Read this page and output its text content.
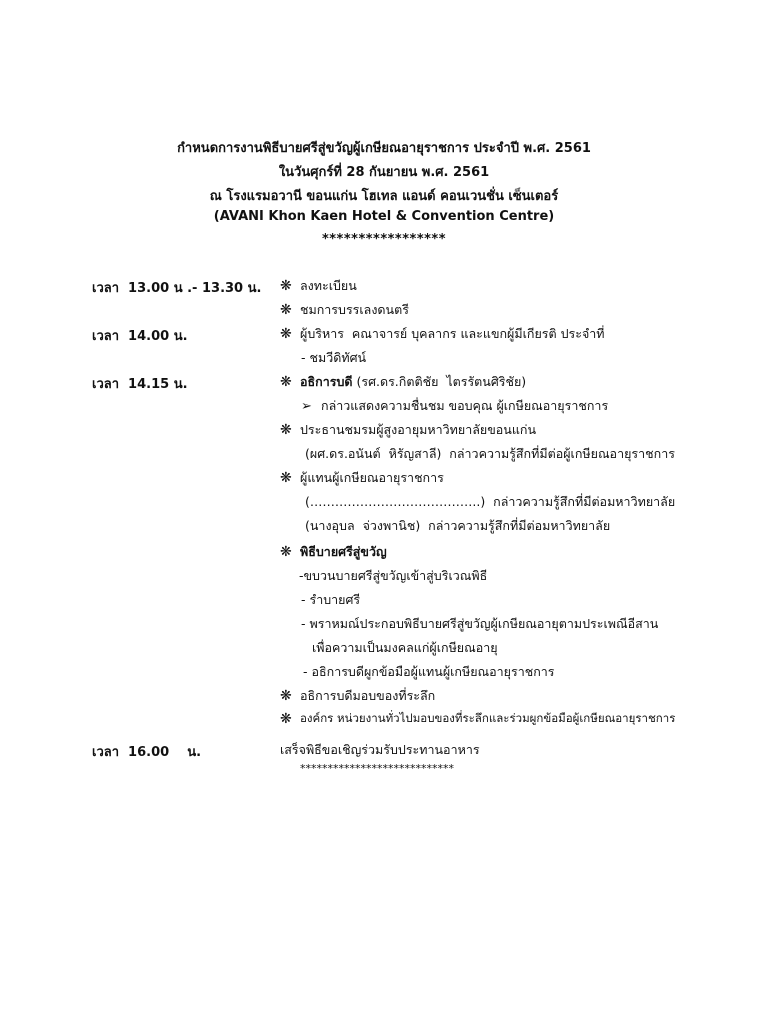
กำหนดการงานพิธีบายศรีสู่ขวัญผู้เกษียณอายุราชการ ประจำปี พ.ศ. 2561
ในวันศุกร์ที่ 28 กันยายน พ.ศ. 2561
ณ โรงแรมอวานี ขอนแก่น โฮเทล แอนด์ คอนเวนชั่น เซ็นเตอร์
(AVANI Khon Kaen Hotel & Convention Centre)
*****************
เวลา  13.00 น .- 13.30 น.
เวลา  14.00 น.
เวลา  14.15 น.
เวลา  16.00    น.
❋ ลงทะเบียน
❋ ชมการบรรเลงดนตรี
❋ ผู้บริหาร  คณาจารย์ บุคลากร และแขกผู้มีเกียรติ ประจำที่
- ชมวีดิทัศน์
❋ อธิการบดี (รศ.ดร.กิตติชัย  ไตรรัตนศิริชัย)
➢ กล่าวแสดงความชื่นชม ขอบคุณ ผู้เกษียณอายุราชการ
❋ ประธานชมรมผู้สูงอายุมหาวิทยาลัยขอนแก่น
(ผศ.ดร.อนันต์  หิรัญสาลี)  กล่าวความรู้สึกที่มีต่อผู้เกษียณอายุราชการ
❋ ผู้แทนผู้เกษียณอายุราชการ
(…………………………………..)  กล่าวความรู้สึกที่มีต่อมหาวิทยาลัย
(นางอุบล  จ่วงพานิช)  กล่าวความรู้สึกที่มีต่อมหาวิทยาลัย
❋ พิธีบายศรีสู่ขวัญ
-ขบวนบายศรีสู่ขวัญเข้าสู่บริเวณพิธี
- รำบายศรี
- พราหมณ์ประกอบพิธีบายศรีสู่ขวัญผู้เกษียณอายุตามประเพณีอีสาน
เพื่อความเป็นมงคลแก่ผู้เกษียณอายุ
- อธิการบดีผูกข้อมือผู้แทนผู้เกษียณอายุราชการ
❋ อธิการบดีมอบของที่ระลึก
❋ องค์กร หน่วยงานทั่วไปมอบของที่ระลึกและร่วมผูกข้อมือผู้เกษียณอายุราชการ
เสร็จพิธีขอเชิญร่วมรับประทานอาหาร
****************************
